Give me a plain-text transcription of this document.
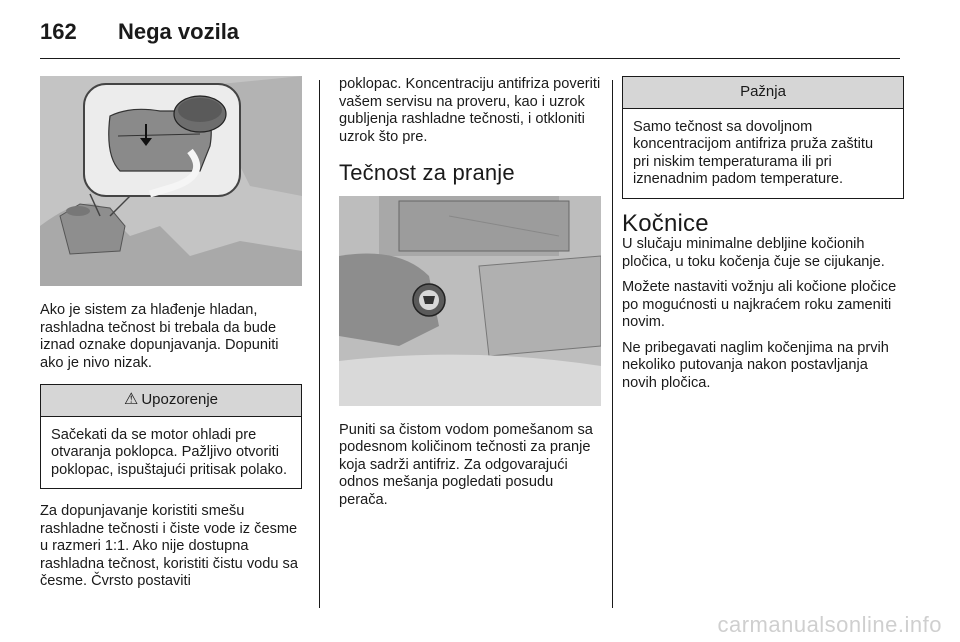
162	Nega vozila

Ako je sistem za hlađenje hladan, rashladna tečnost bi trebala da bude iznad oznake dopunjavanja. Dopuniti ako je nivo nizak.

⚠ Upozorenje
Sačekati da se motor ohladi pre otvaranja poklopca. Pažljivo otvoriti poklopac, ispuštajući pritisak polako.

Za dopunjavanje koristiti smešu rashladne tečnosti i čiste vode iz česme u razmeri 1:1. Ako nije dostupna rashladna tečnost, koristiti čistu vodu sa česme. Čvrsto postaviti

poklopac. Koncentraciju antifriza poveriti vašem servisu na proveru, kao i uzrok gubljenja rashladne tečnosti, i otkloniti uzrok što pre.

Tečnost za pranje

Puniti sa čistom vodom pomešanom sa podesnom količinom tečnosti za pranje koja sadrži antifriz. Za odgovarajući odnos mešanja pogledati posudu perača.

Pažnja
Samo tečnost sa dovoljnom koncentracijom antifriza pruža zaštitu pri niskim temperaturama ili pri iznenadnim padom temperature.
Kočnice

U slučaju minimalne debljine kočionih pločica, u toku kočenja čuje se cijukanje.

Možete nastaviti vožnju ali kočione pločice po mogućnosti u najkraćem roku zameniti novim.

Ne pribegavati naglim kočenjima na prvih nekoliko putovanja nakon postavljanja novih pločica.

carmanualsonline.info
